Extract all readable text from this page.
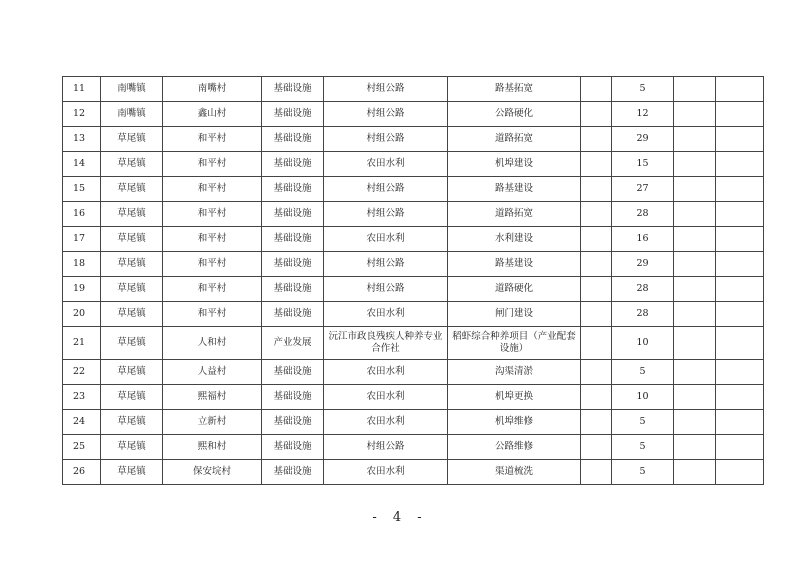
11	南嘴镇	南嘴村	基础设施	村组公路	路基拓宽		5		
12	南嘴镇	鑫山村	基础设施	村组公路	公路硬化		12		
13	草尾镇	和平村	基础设施	村组公路	道路拓宽		29		
14	草尾镇	和平村	基础设施	农田水利	机埠建设		15		
15	草尾镇	和平村	基础设施	村组公路	路基建设		27		
16	草尾镇	和平村	基础设施	村组公路	道路拓宽		28		
17	草尾镇	和平村	基础设施	农田水利	水利建设		16		
18	草尾镇	和平村	基础设施	村组公路	路基建设		29		
19	草尾镇	和平村	基础设施	村组公路	道路硬化		28		
20	草尾镇	和平村	基础设施	农田水利	闸门建设		28		
21	草尾镇	人和村	产业发展	沅江市政良残疾人种养专业合作社	稻虾综合种养项目（产业配套设施）		10		
22	草尾镇	人益村	基础设施	农田水利	沟渠清淤		5		
23	草尾镇	熙福村	基础设施	农田水利	机埠更换		10		
24	草尾镇	立新村	基础设施	农田水利	机埠维修		5		
25	草尾镇	熙和村	基础设施	村组公路	公路维修		5		
26	草尾镇	保安垸村	基础设施	农田水利	渠道梳洗		5		
- 4 -
